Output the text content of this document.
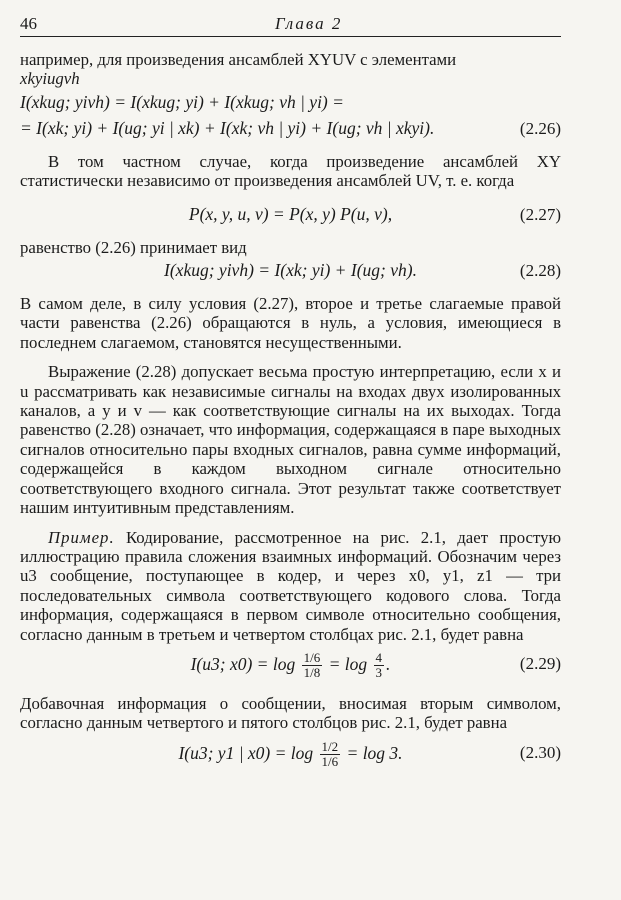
46	Глава 2

например, для произведения ансамблей XYUV с элементами

xkyiugvh

I(xkug; yivh) = I(xkug; yi) + I(xkug; vh | yi) =
= I(xk; yi) + I(ug; yi | xk) + I(xk; vh | yi) + I(ug; vh | xkyi).	(2.26)

В том частном случае, когда произведение ансамблей XY статистически независимо от произведения ансамблей UV, т. е. когда

P(x, y, u, v) = P(x, y) P(u, v),	(2.27)

равенство (2.26) принимает вид

I(xkug; yivh) = I(xk; yi) + I(ug; vh).	(2.28)

В самом деле, в силу условия (2.27), второе и третье слагаемые правой части равенства (2.26) обращаются в нуль, а условия, имеющиеся в последнем слагаемом, становятся несущественными.

Выражение (2.28) допускает весьма простую интерпретацию, если x и u рассматривать как независимые сигналы на входах двух изолированных каналов, а y и v — как соответствующие сигналы на их выходах. Тогда равенство (2.28) означает, что информация, содержащаяся в паре выходных сигналов относительно пары входных сигналов, равна сумме информаций, содержащейся в каждом выходном сигнале относительно соответствующего входного сигнала. Этот результат также соответствует нашим интуитивным представлениям.

Пример. Кодирование, рассмотренное на рис. 2.1, дает простую иллюстрацию правила сложения взаимных информаций. Обозначим через u3 сообщение, поступающее в кодер, и через x0, y1, z1 — три последовательных символа соответствующего кодового слова. Тогда информация, содержащаяся в первом символе относительно сообщения, согласно данным в третьем и четвертом столбцах рис. 2.1, будет равна

I(u3; $x0) = \log \frac{1/6}{1/8} = \log \frac{4}{3}$ .	(2.29)

Добавочная информация о сообщении, вносимая вторым символом, согласно данным четвертого и пятого столбцов рис. 2.1, будет равна

I(u3; y1 | $x0) = \log \frac{1/2}{1/6} = \log 3$.	(2.30)
